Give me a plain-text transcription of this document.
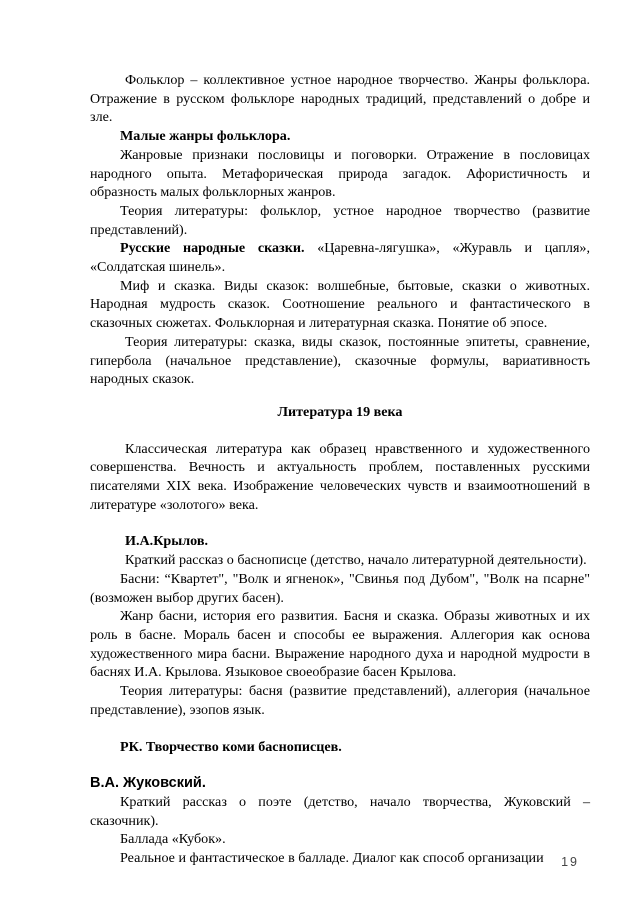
Фольклор – коллективное устное народное творчество. Жанры фольклора. Отражение в русском фольклоре народных традиций, представлений о добре и зле.

Малые жанры фольклора.

Жанровые признаки пословицы и поговорки. Отражение в пословицах народного опыта. Метафорическая природа загадок. Афористичность и образность малых фольклорных жанров.

Теория литературы: фольклор, устное народное творчество (развитие представлений).

Русские народные сказки. «Царевна-лягушка», «Журавль и цапля», «Солдатская шинель».

Миф и сказка. Виды сказок: волшебные, бытовые, сказки о животных. Народная мудрость сказок. Соотношение реального и фантастического в сказочных сюжетах. Фольклорная и литературная сказка. Понятие об эпосе.

Теория литературы: сказка, виды сказок, постоянные эпитеты, сравнение, гипербола (начальное представление), сказочные формулы, вариативность народных сказок.

Литература 19 века

Классическая литература как образец нравственного и художественного совершенства. Вечность и актуальность проблем, поставленных русскими писателями XIX века. Изображение человеческих чувств и взаимоотношений в литературе «золотого» века.

И.А.Крылов.

Краткий рассказ о баснописце (детство, начало литературной деятельности).

Басни: “Квартет", "Волк и ягненок», "Свинья под Дубом", "Волк на псарне" (возможен выбор других басен).

Жанр басни, история его развития. Басня и сказка. Образы животных и их роль в басне. Мораль басен и способы ее выражения. Аллегория как основа художественного мира басни. Выражение народного духа и народной мудрости в баснях И.А. Крылова. Языковое своеобразие басен Крылова.

Теория литературы: басня (развитие представлений), аллегория (начальное представление), эзопов язык.

РК. Творчество коми баснописцев.

В.А. Жуковский.

Краткий рассказ о поэте (детство, начало творчества, Жуковский – сказочник).

Баллада «Кубок».

Реальное и фантастическое в балладе. Диалог как способ организации	19
